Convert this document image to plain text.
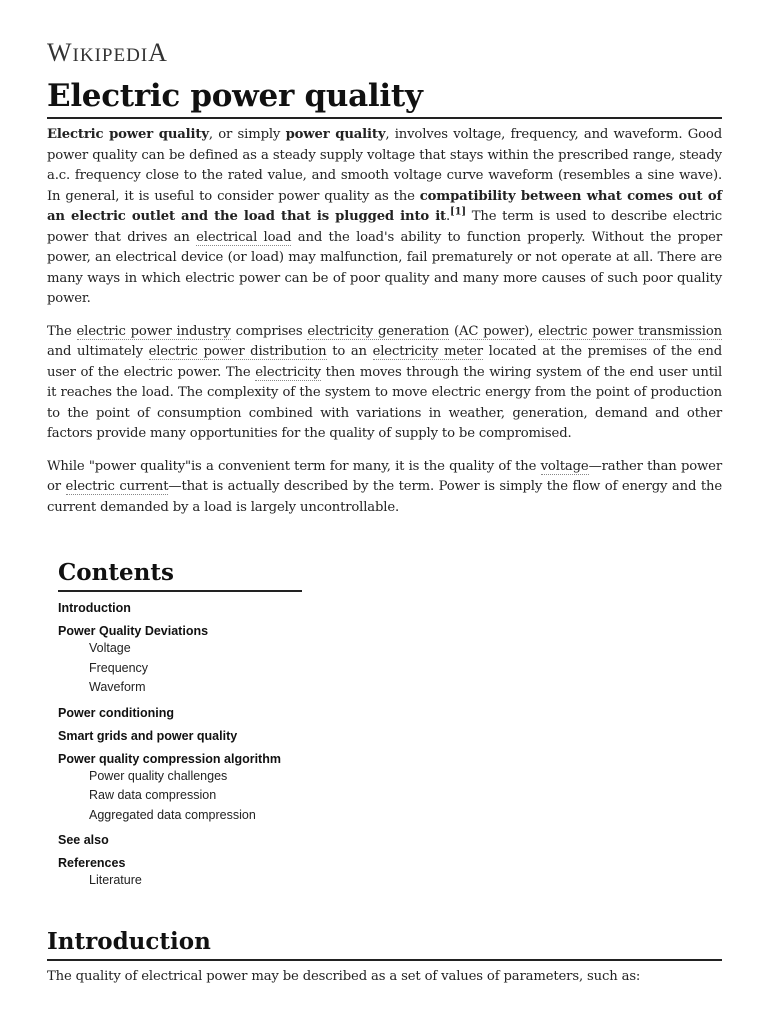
WIKIPEDIA
Electric power quality

Electric power quality, or simply power quality, involves voltage, frequency, and waveform. Good power quality can be defined as a steady supply voltage that stays within the prescribed range, steady a.c. frequency close to the rated value, and smooth voltage curve waveform (resembles a sine wave). In general, it is useful to consider power quality as the compatibility between what comes out of an electric outlet and the load that is plugged into it.[1] The term is used to describe electric power that drives an electrical load and the load's ability to function properly. Without the proper power, an electrical device (or load) may malfunction, fail prematurely or not operate at all. There are many ways in which electric power can be of poor quality and many more causes of such poor quality power.

The electric power industry comprises electricity generation (AC power), electric power transmission and ultimately electric power distribution to an electricity meter located at the premises of the end user of the electric power. The electricity then moves through the wiring system of the end user until it reaches the load. The complexity of the system to move electric energy from the point of production to the point of consumption combined with variations in weather, generation, demand and other factors provide many opportunities for the quality of supply to be compromised.

While "power quality"is a convenient term for many, it is the quality of the voltage—rather than power or electric current—that is actually described by the term. Power is simply the flow of energy and the current demanded by a load is largely uncontrollable.

Contents
Introduction
Power Quality Deviations
Voltage
Frequency
Waveform
Power conditioning
Smart grids and power quality
Power quality compression algorithm
Power quality challenges
Raw data compression
Aggregated data compression
See also
References
Literature
Introduction

The quality of electrical power may be described as a set of values of parameters, such as:
